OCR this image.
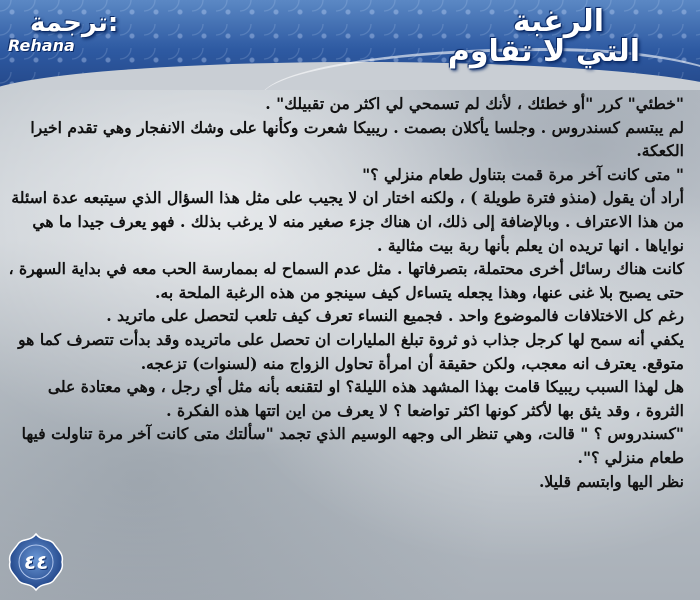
الرغبة
التي لا تقاوم
ترجمة:
Rehana

"خطئي" كرر "أو خطئك ، لأنك لم تسمحي لي اكثر من تقبيلك" .

لم يبتسم كسندروس . وجلسا يأكلان بصمت . ريبيكا شعرت وكأنها على وشك الانفجار وهي تقدم اخيرا الكعكة.

" متى كانت آخر مرة قمت بتناول طعام منزلي ؟"

أراد أن يقول (منذو فترة طويلة ) ، ولكنه اختار ان لا يجيب على مثل هذا السؤال الذي سيتبعه عدة اسئلة من هذا الاعتراف . وبالإضافة إلى ذلك، ان هناك جزء صغير منه لا يرغب بذلك . فهو يعرف جيدا ما هي نواياها . انها تريده ان يعلم بأنها ربة بيت مثالية .

كانت هناك رسائل أخرى محتملة، بتصرفاتها . مثل عدم السماح له بممارسة الحب معه في بداية السهرة ، حتى يصبح بلا غنى عنها، وهذا يجعله يتساءل كيف سينجو من هذه الرغبة الملحة به.

رغم كل الاختلافات فالموضوع واحد . فجميع النساء تعرف كيف تلعب لتحصل على ماتريد .

يكفي أنه سمح لها كرجل جذاب ذو ثروة تبلغ المليارات ان تحصل على ماتريده وقد بدأت تتصرف كما هو متوقع. يعترف انه معجب، ولكن حقيقة أن امرأة تحاول الزواج منه (لسنوات) تزعجه.

هل لهذا السبب ريبيكا قامت بهذا المشهد هذه الليلة؟ او لتقنعه بأنه مثل أي رجل ، وهي معتادة على الثروة ، وقد يثق بها لأكثر كونها اكثر تواضعا ؟ لا يعرف من اين اتتها هذه الفكرة .

"كسندروس ؟ " قالت، وهي تنظر الى وجهه الوسيم الذي تجمد "سألتك متى كانت آخر مرة تناولت فيها طعام منزلي ؟".

نظر اليها وابتسم قليلا.

٤٤
